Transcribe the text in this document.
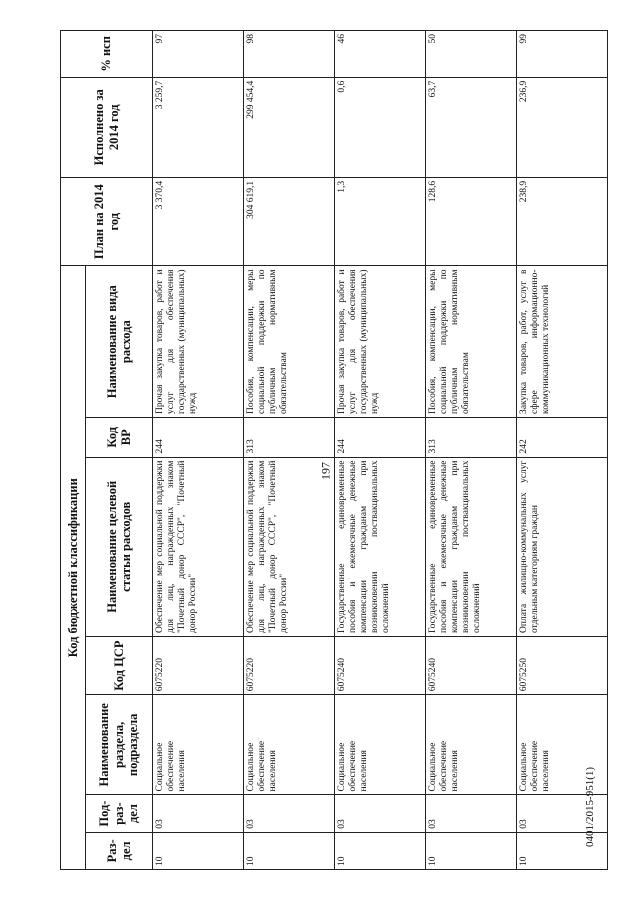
197
0401/2015-951(1)
Код бюджетной классификации							План на 2014 год	Исполнено за 2014 год	% исп
Раз-дел	Под-раз-дел	Наименование раздела, подраздела	Код ЦСР	Наименование целевой статьи расходов	Код ВР	Наименование вида расхода			
10	03	Социальное обеспечение населения	6075220	Обеспечение мер социальной поддержки для лиц, награжденных знаком "Почетный донор СССР", "Почетный донор России"	244	Прочая закупка товаров, работ и услуг для обеспечения государственных (муниципальных) нужд	3 370,4	3 259,7	97
10	03	Социальное обеспечение населения	6075220	Обеспечение мер социальной поддержки для лиц, награжденных знаком "Почетный донор СССР", "Почетный донор России"	313	Пособия, компенсации, меры социальной поддержки по публичным нормативным обязательствам	304 619,1	299 454,4	98
10	03	Социальное обеспечение населения	6075240	Государственные единовременные пособия и ежемесячные денежные компенсации гражданам при возникновении поствакцинальных осложнений	244	Прочая закупка товаров, работ и услуг для обеспечения государственных (муниципальных) нужд	1,3	0,6	46
10	03	Социальное обеспечение населения	6075240	Государственные единовременные пособия и ежемесячные денежные компенсации гражданам при возникновении поствакцинальных осложнений	313	Пособия, компенсации, меры социальной поддержки по публичным нормативным обязательствам	128,6	63,7	50
10	03	Социальное обеспечение населения	6075250	Оплата жилищно-коммунальных услуг отдельным категориям граждан	242	Закупка товаров, работ, услуг в сфере информационно-коммуникационных технологий	238,9	236,9	99
